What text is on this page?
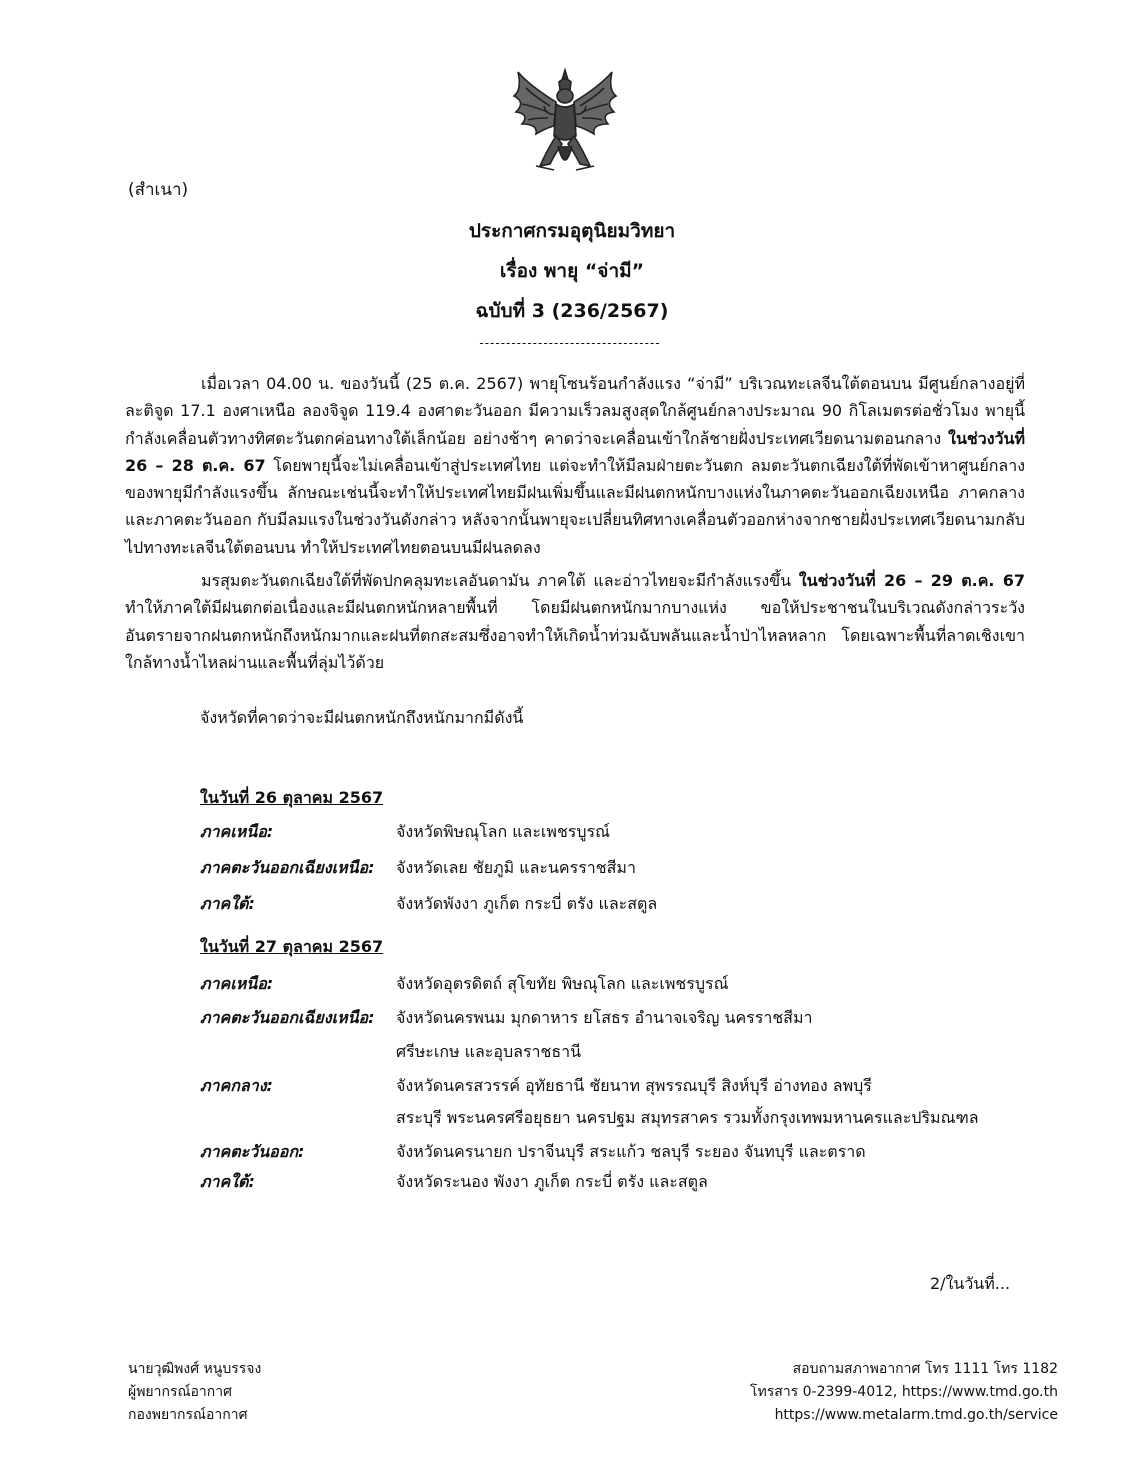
(สำเนา)
ประกาศกรมอุตุนิยมวิทยา
เรื่อง พายุ “จ่ามี”
ฉบับที่ 3 (236/2567)
----------------------------------

เมื่อเวลา 04.00 น. ของวันนี้ (25 ต.ค. 2567) พายุโซนร้อนกำลังแรง “จ่ามี” บริเวณทะเลจีนใต้ตอนบน มีศูนย์กลางอยู่ที่ละติจูด 17.1 องศาเหนือ ลองจิจูด 119.4 องศาตะวันออก มีความเร็วลมสูงสุดใกล้ศูนย์กลางประมาณ 90 กิโลเมตรต่อชั่วโมง พายุนี้กำลังเคลื่อนตัวทางทิศตะวันตกค่อนทางใต้เล็กน้อย อย่างช้าๆ คาดว่าจะเคลื่อนเข้าใกล้ชายฝั่งประเทศเวียดนามตอนกลาง ในช่วงวันที่ 26 – 28 ต.ค. 67 โดยพายุนี้จะไม่เคลื่อนเข้าสู่ประเทศไทย แต่จะทำให้มีลมฝ่ายตะวันตก ลมตะวันตกเฉียงใต้ที่พัดเข้าหาศูนย์กลางของพายุมีกำลังแรงขึ้น ลักษณะเช่นนี้จะทำให้ประเทศไทยมีฝนเพิ่มขึ้นและมีฝนตกหนักบางแห่งในภาคตะวันออกเฉียงเหนือ ภาคกลาง และภาคตะวันออก กับมีลมแรงในช่วงวันดังกล่าว หลังจากนั้นพายุจะเปลี่ยนทิศทางเคลื่อนตัวออกห่างจากชายฝั่งประเทศเวียดนามกลับไปทางทะเลจีนใต้ตอนบน ทำให้ประเทศไทยตอนบนมีฝนลดลง

มรสุมตะวันตกเฉียงใต้ที่พัดปกคลุมทะเลอันดามัน ภาคใต้ และอ่าวไทยจะมีกำลังแรงขึ้น ในช่วงวันที่ 26 – 29 ต.ค. 67 ทำให้ภาคใต้มีฝนตกต่อเนื่องและมีฝนตกหนักหลายพื้นที่ โดยมีฝนตกหนักมากบางแห่ง ขอให้ประชาชนในบริเวณดังกล่าวระวังอันตรายจากฝนตกหนักถึงหนักมากและฝนที่ตกสะสมซึ่งอาจทำให้เกิดน้ำท่วมฉับพลันและน้ำป่าไหลหลาก โดยเฉพาะพื้นที่ลาดเชิงเขาใกล้ทางน้ำไหลผ่านและพื้นที่ลุ่มไว้ด้วย

จังหวัดที่คาดว่าจะมีฝนตกหนักถึงหนักมากมีดังนี้
ในวันที่ 26 ตุลาคม 2567
ภาคเหนือ:	จังหวัดพิษณุโลก และเพชรบูรณ์
ภาคตะวันออกเฉียงเหนือ: จังหวัดเลย ชัยภูมิ และนครราชสีมา
ภาคใต้:	จังหวัดพังงา ภูเก็ต กระบี่ ตรัง และสตูล
ในวันที่ 27 ตุลาคม 2567
ภาคเหนือ:	จังหวัดอุตรดิตถ์ สุโขทัย พิษณุโลก และเพชรบูรณ์
ภาคตะวันออกเฉียงเหนือ: จังหวัดนครพนม มุกดาหาร ยโสธร อำนาจเจริญ นครราชสีมา
ศรีษะเกษ และอุบลราชธานี
ภาคกลาง:	จังหวัดนครสวรรค์ อุทัยธานี ชัยนาท สุพรรณบุรี สิงห์บุรี อ่างทอง ลพบุรี
สระบุรี พระนครศรีอยุธยา นครปฐม สมุทรสาคร รวมทั้งกรุงเทพมหานครและปริมณฑล
ภาคตะวันออก:	จังหวัดนครนายก ปราจีนบุรี สระแก้ว ชลบุรี ระยอง จันทบุรี และตราด
ภาคใต้:	จังหวัดระนอง พังงา ภูเก็ต กระบี่ ตรัง และสตูล
2/ในวันที่...
นายวุฒิพงศ์ หนูบรรจง
ผู้พยากรณ์อากาศ
กองพยากรณ์อากาศ
สอบถามสภาพอากาศ โทร 1111 โทร 1182
โทรสาร 0-2399-4012, https://www.tmd.go.th
https://www.metalarm.tmd.go.th/service
